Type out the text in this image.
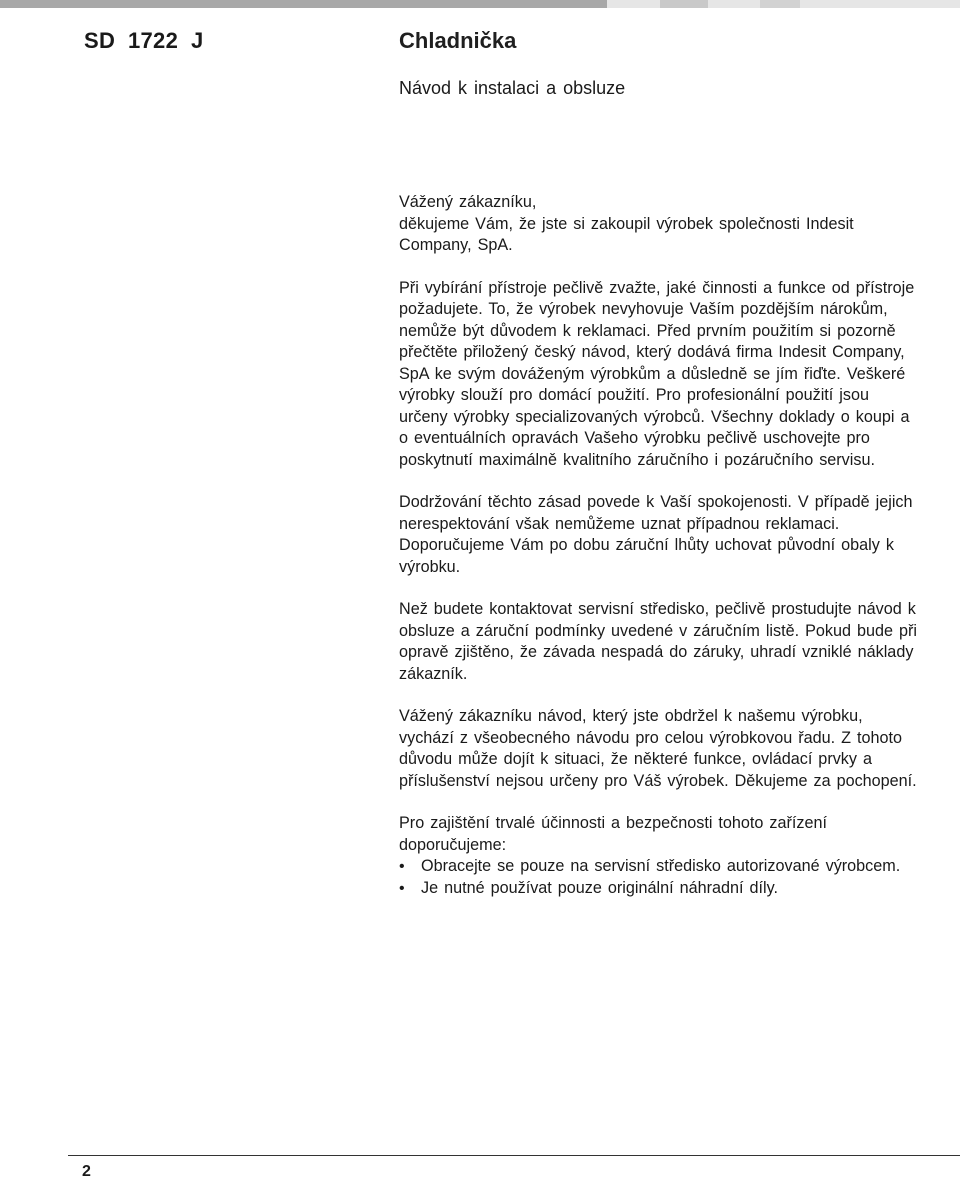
SD  1722  J	Chladnička
Návod k instalaci a obsluze

Vážený zákazníku,

děkujeme Vám, že jste si zakoupil výrobek společnosti Indesit Company, SpA.

Při vybírání přístroje pečlivě zvažte, jaké činnosti a funkce od přístroje požadujete. To, že výrobek nevyhovuje Vaším pozdějším nárokům, nemůže být důvodem k reklamaci. Před prvním použitím si pozorně přečtěte přiložený český návod, který dodává firma Indesit Company, SpA ke svým dováženým výrobkům a důsledně se jím řiďte. Veškeré výrobky slouží pro domácí použití. Pro profesionální použití jsou určeny výrobky specializovaných výrobců. Všechny doklady o koupi a o eventuálních opravách Vašeho výrobku pečlivě uschovejte pro poskytnutí maximálně kvalitního záručního i pozáručního servisu.

Dodržování těchto zásad povede k Vaší spokojenosti. V případě jejich nerespektování však nemůžeme uznat případnou reklamaci. Doporučujeme Vám po dobu záruční lhůty uchovat původní obaly k výrobku.

Než budete kontaktovat servisní středisko, pečlivě prostudujte návod k obsluze a záruční podmínky uvedené v záručním listě. Pokud bude při opravě zjištěno, že závada nespadá do záruky, uhradí vzniklé náklady zákazník.

Vážený zákazníku návod, který jste obdržel k našemu výrobku, vychází z všeobecného návodu pro celou výrobkovou řadu. Z tohoto důvodu může dojít k situaci, že některé funkce, ovládací prvky a příslušenství nejsou určeny pro Váš výrobek. Děkujeme za pochopení.

Pro zajištění trvalé účinnosti a bezpečnosti tohoto zařízení doporučujeme:

• Obracejte se pouze na servisní středisko autorizované výrobcem.
• Je nutné používat pouze originální náhradní díly.
2
